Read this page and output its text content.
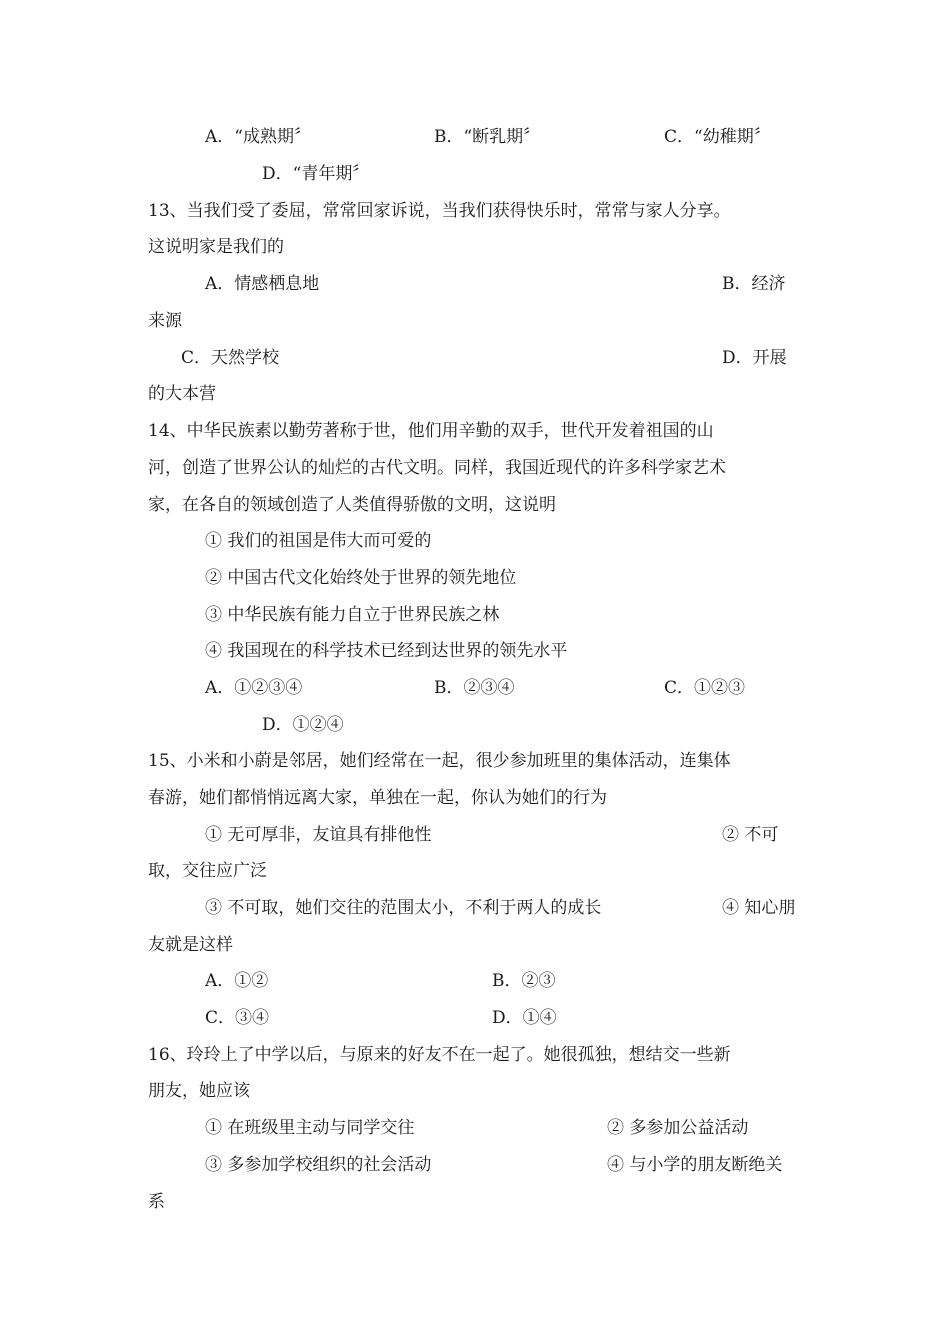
A．“成熟期〞	B．“断乳期〞	C．“幼稚期〞
D．“青年期〞
13、当我们受了委屈，常常回家诉说，当我们获得快乐时，常常与家人分享。
这说明家是我们的
A．情感栖息地	B．经济
来源
C．天然学校	D．开展
的大本营
14、中华民族素以勤劳著称于世，他们用辛勤的双手，世代开发着祖国的山
河，创造了世界公认的灿烂的古代文明。同样，我国近现代的许多科学家艺术
家，在各自的领域创造了人类值得骄傲的文明，这说明
① 我们的祖国是伟大而可爱的
② 中国古代文化始终处于世界的领先地位
③ 中华民族有能力自立于世界民族之林
④ 我国现在的科学技术已经到达世界的领先水平
A．①②③④	B．②③④	C．①②③
D．①②④
15、小米和小蔚是邻居，她们经常在一起，很少参加班里的集体活动，连集体
春游，她们都悄悄远离大家，单独在一起，你认为她们的行为
① 无可厚非，友谊具有排他性	② 不可
取，交往应广泛
③ 不可取，她们交往的范围太小，不利于两人的成长	④ 知心朋
友就是这样
A．①②	B．②③
C．③④	D．①④
16、玲玲上了中学以后，与原来的好友不在一起了。她很孤独，想结交一些新
朋友，她应该
① 在班级里主动与同学交往	② 多参加公益活动
③ 多参加学校组织的社会活动	④ 与小学的朋友断绝关
系
